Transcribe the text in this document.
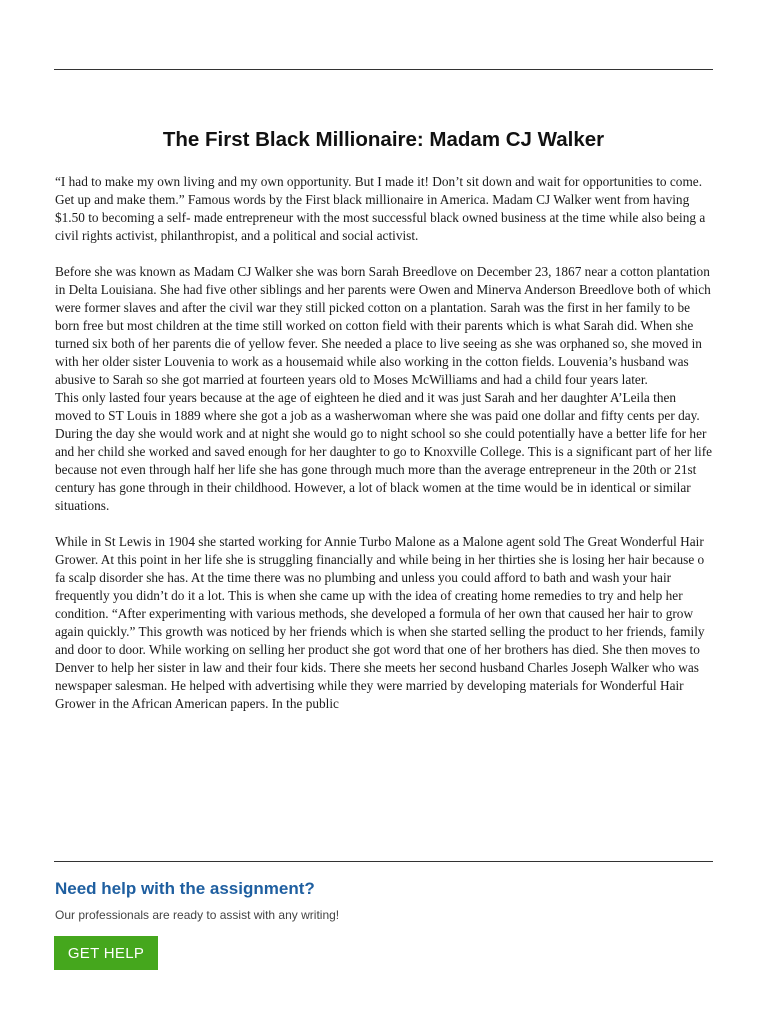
The First Black Millionaire: Madam CJ Walker

“I had to make my own living and my own opportunity. But I made it! Don’t sit down and wait for opportunities to come. Get up and make them.” Famous words by the First black millionaire in America. Madam CJ Walker went from having $1.50 to becoming a self- made entrepreneur with the most successful black owned business at the time while also being a civil rights activist, philanthropist, and a political and social activist.

Before she was known as Madam CJ Walker she was born Sarah Breedlove on December 23, 1867 near a cotton plantation in Delta Louisiana. She had five other siblings and her parents were Owen and Minerva Anderson Breedlove both of which were former slaves and after the civil war they still picked cotton on a plantation. Sarah was the first in her family to be born free but most children at the time still worked on cotton field with their parents which is what Sarah did. When she turned six both of her parents die of yellow fever. She needed a place to live seeing as she was orphaned so, she moved in with her older sister Louvenia to work as a housemaid while also working in the cotton fields. Louvenia’s husband was abusive to Sarah so she got married at fourteen years old to Moses McWilliams and had a child four years later.

This only lasted four years because at the age of eighteen he died and it was just Sarah and her daughter A’Leila then moved to ST Louis in 1889 where she got a job as a washerwoman where she was paid one dollar and fifty cents per day. During the day she would work and at night she would go to night school so she could potentially have a better life for her and her child she worked and saved enough for her daughter to go to Knoxville College. This is a significant part of her life because not even through half her life she has gone through much more than the average entrepreneur in the 20th or 21st century has gone through in their childhood. However, a lot of black women at the time would be in identical or similar situations.

While in St Lewis in 1904 she started working for Annie Turbo Malone as a Malone agent sold The Great Wonderful Hair Grower. At this point in her life she is struggling financially and while being in her thirties she is losing her hair because o fa scalp disorder she has. At the time there was no plumbing and unless you could afford to bath and wash your hair frequently you didn’t do it a lot. This is when she came up with the idea of creating home remedies to try and help her condition. “After experimenting with various methods, she developed a formula of her own that caused her hair to grow again quickly.” This growth was noticed by her friends which is when she started selling the product to her friends, family and door to door. While working on selling her product she got word that one of her brothers has died. She then moves to Denver to help her sister in law and their four kids. There she meets her second husband Charles Joseph Walker who was newspaper salesman. He helped with advertising while they were married by developing materials for Wonderful Hair Grower in the African American papers. In the public

Need help with the assignment?

Our professionals are ready to assist with any writing!

GET HELP
